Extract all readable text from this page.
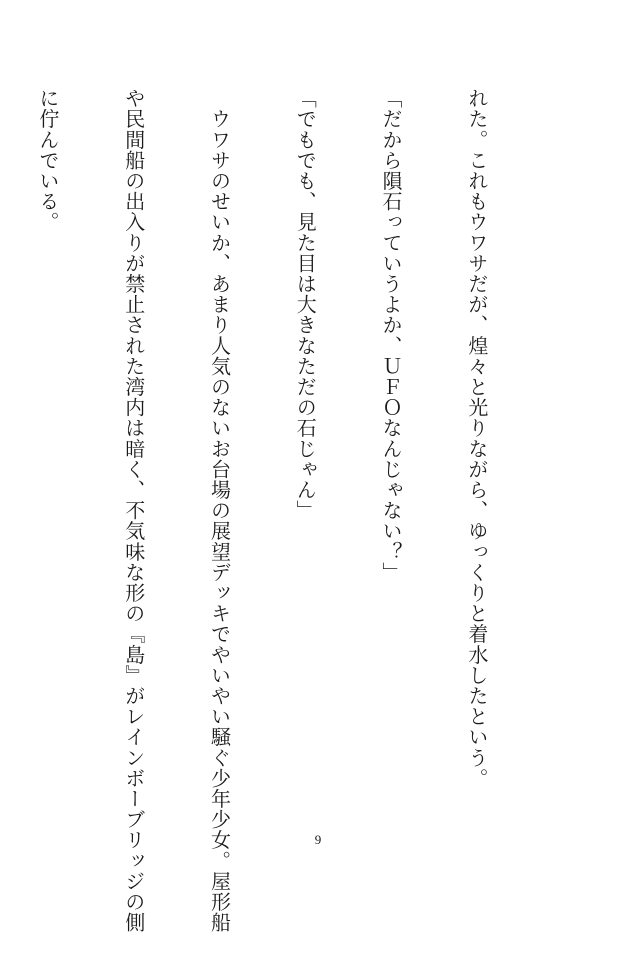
れた。これもウワサだが、煌々と光りながら、ゆっくりと着水したという。

「だから隕石っていうよか、ＵＦＯなんじゃない？」

「でもでも、見た目は大きなただの石じゃん」

　ウワサのせいか、あまり人気のないお台場の展望デッキでやいやい騒ぐ少年少女。屋形船

や民間船の出入りが禁止された湾内は暗く、不気味な形の『島』がレインボーブリッジの側

に佇んでいる。

9
